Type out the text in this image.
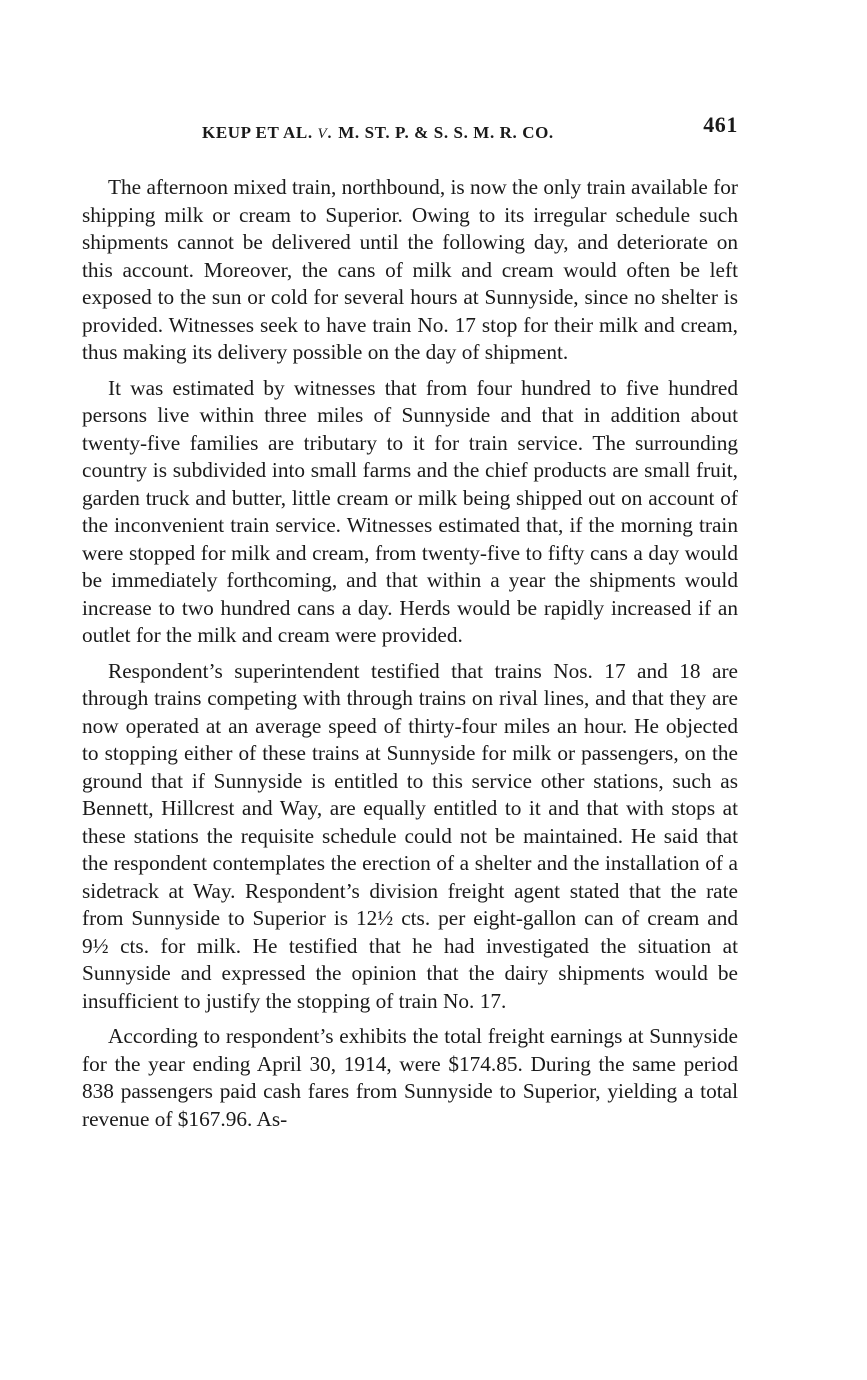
KEUP ET AL. v. M. ST. P. & S. S. M. R. CO.	461

The afternoon mixed train, northbound, is now the only train available for shipping milk or cream to Superior. Owing to its irregular schedule such shipments cannot be delivered until the following day, and deteriorate on this account. Moreover, the cans of milk and cream would often be left exposed to the sun or cold for several hours at Sunnyside, since no shelter is provided. Witnesses seek to have train No. 17 stop for their milk and cream, thus making its delivery possible on the day of shipment.

It was estimated by witnesses that from four hundred to five hundred persons live within three miles of Sunnyside and that in addition about twenty-five families are tributary to it for train service. The surrounding country is subdivided into small farms and the chief products are small fruit, garden truck and butter, little cream or milk being shipped out on account of the inconvenient train service. Witnesses estimated that, if the morning train were stopped for milk and cream, from twenty-five to fifty cans a day would be immediately forthcoming, and that within a year the shipments would increase to two hundred cans a day. Herds would be rapidly increased if an outlet for the milk and cream were provided.

Respondent’s superintendent testified that trains Nos. 17 and 18 are through trains competing with through trains on rival lines, and that they are now operated at an average speed of thirty-four miles an hour. He objected to stopping either of these trains at Sunnyside for milk or passengers, on the ground that if Sunnyside is entitled to this service other stations, such as Bennett, Hillcrest and Way, are equally entitled to it and that with stops at these stations the requisite schedule could not be maintained. He said that the respondent contemplates the erection of a shelter and the installation of a sidetrack at Way. Respondent’s division freight agent stated that the rate from Sunnyside to Superior is 12½ cts. per eight-gallon can of cream and 9½ cts. for milk. He testified that he had investigated the situation at Sunnyside and expressed the opinion that the dairy shipments would be insufficient to justify the stopping of train No. 17.

According to respondent’s exhibits the total freight earnings at Sunnyside for the year ending April 30, 1914, were $174.85. During the same period 838 passengers paid cash fares from Sunnyside to Superior, yielding a total revenue of $167.96. As-
